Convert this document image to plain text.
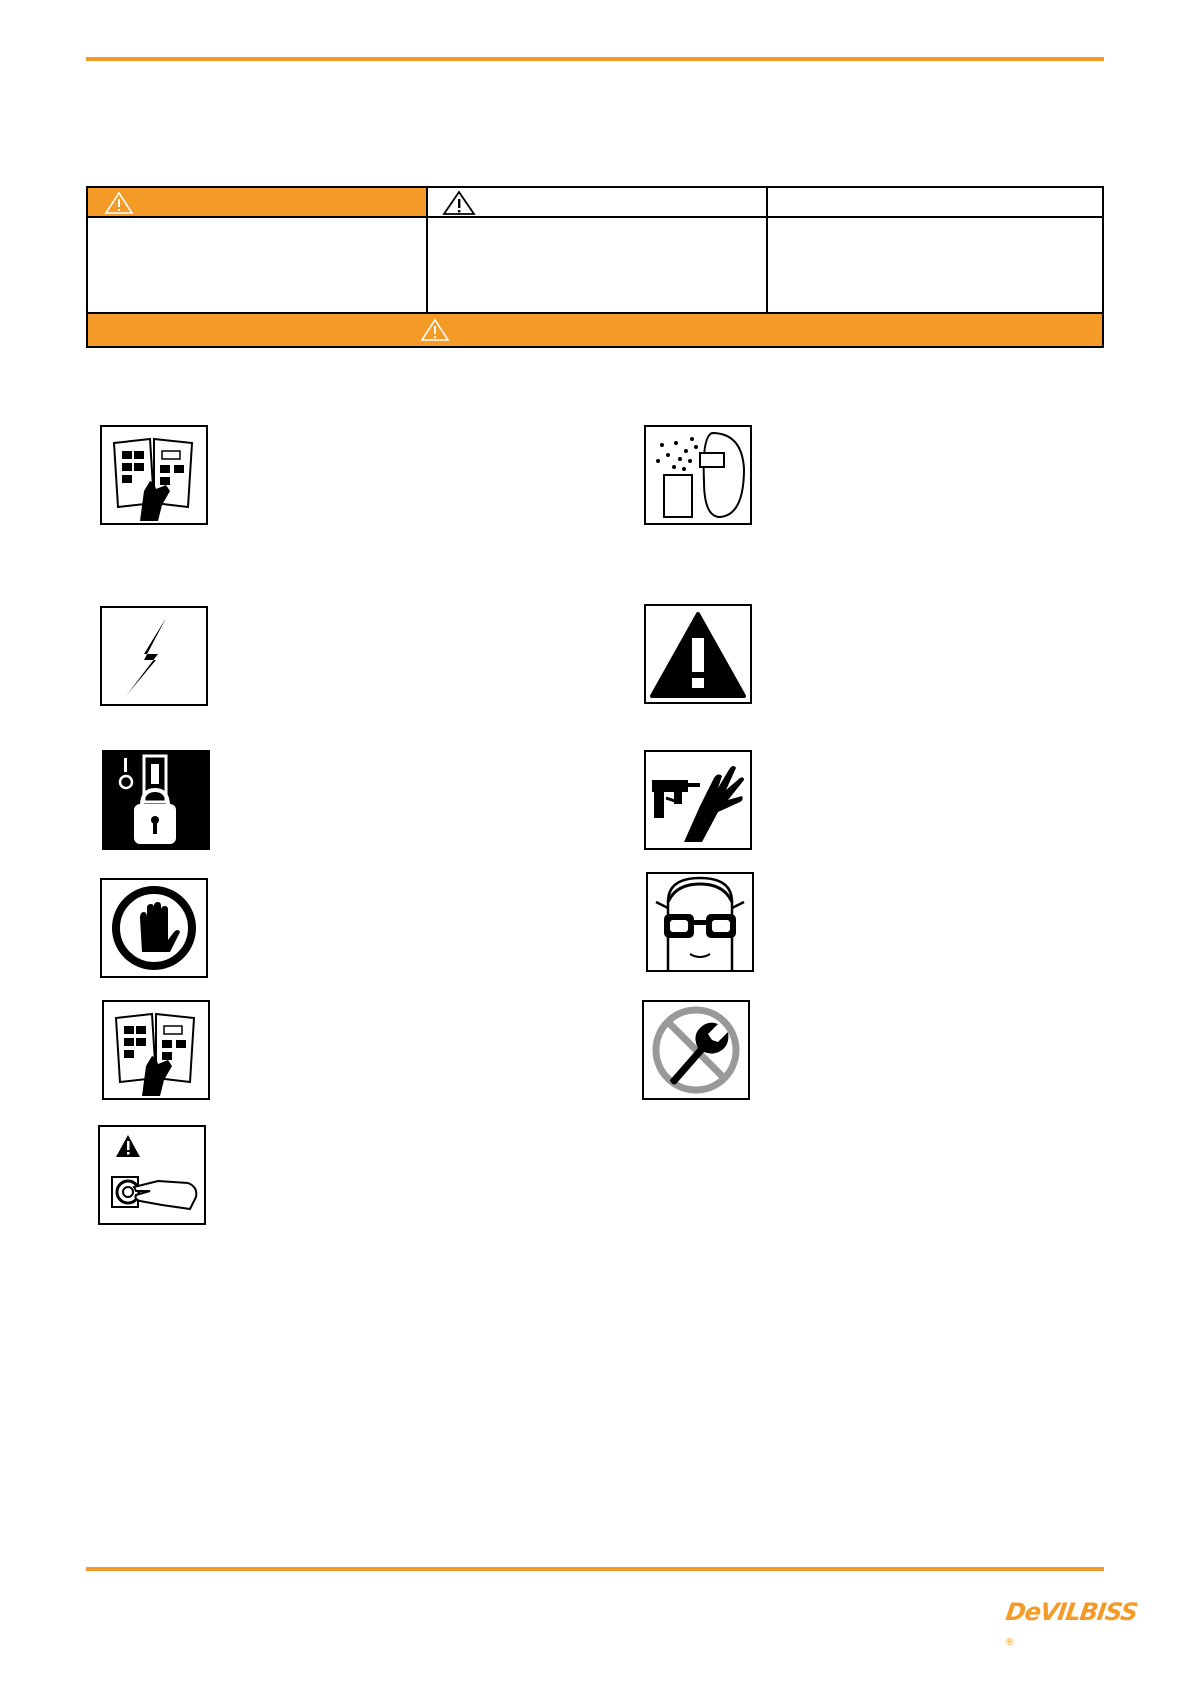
DeVILBISS®
